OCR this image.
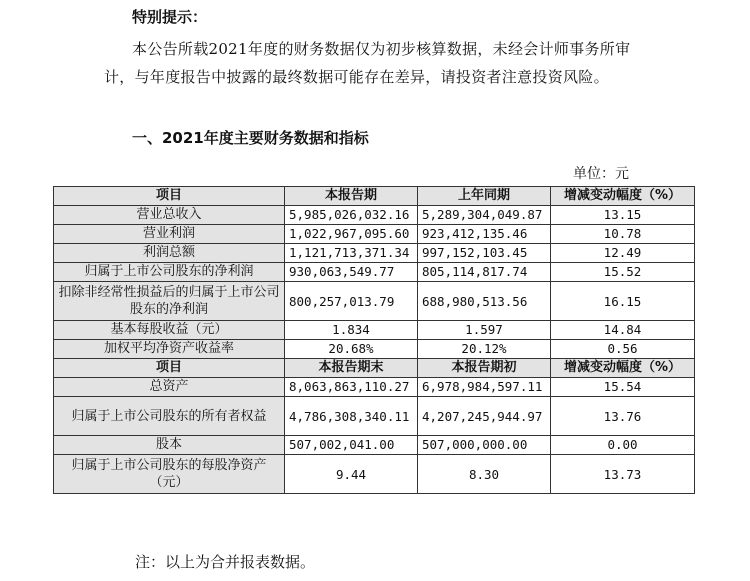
特别提示：
本公告所载2021年度的财务数据仅为初步核算数据，未经会计师事务所审
计，与年度报告中披露的最终数据可能存在差异，请投资者注意投资风险。
一、2021年度主要财务数据和指标
单位：元
项目	本报告期	上年同期	增减变动幅度（%）
营业总收入	5,985,026,032.16	5,289,304,049.87	13.15
营业利润	1,022,967,095.60	923,412,135.46	10.78
利润总额	1,121,713,371.34	997,152,103.45	12.49
归属于上市公司股东的净利润	930,063,549.77	805,114,817.74	15.52
扣除非经常性损益后的归属于上市公司股东的净利润	800,257,013.79	688,980,513.56	16.15
基本每股收益（元）	1.834	1.597	14.84
加权平均净资产收益率	20.68%	20.12%	0.56
项目	本报告期末	本报告期初	增减变动幅度（%）
总资产	8,063,863,110.27	6,978,984,597.11	15.54
归属于上市公司股东的所有者权益	4,786,308,340.11	4,207,245,944.97	13.76
股本	507,002,041.00	507,000,000.00	0.00
归属于上市公司股东的每股净资产（元）	9.44	8.30	13.73
注：以上为合并报表数据。
